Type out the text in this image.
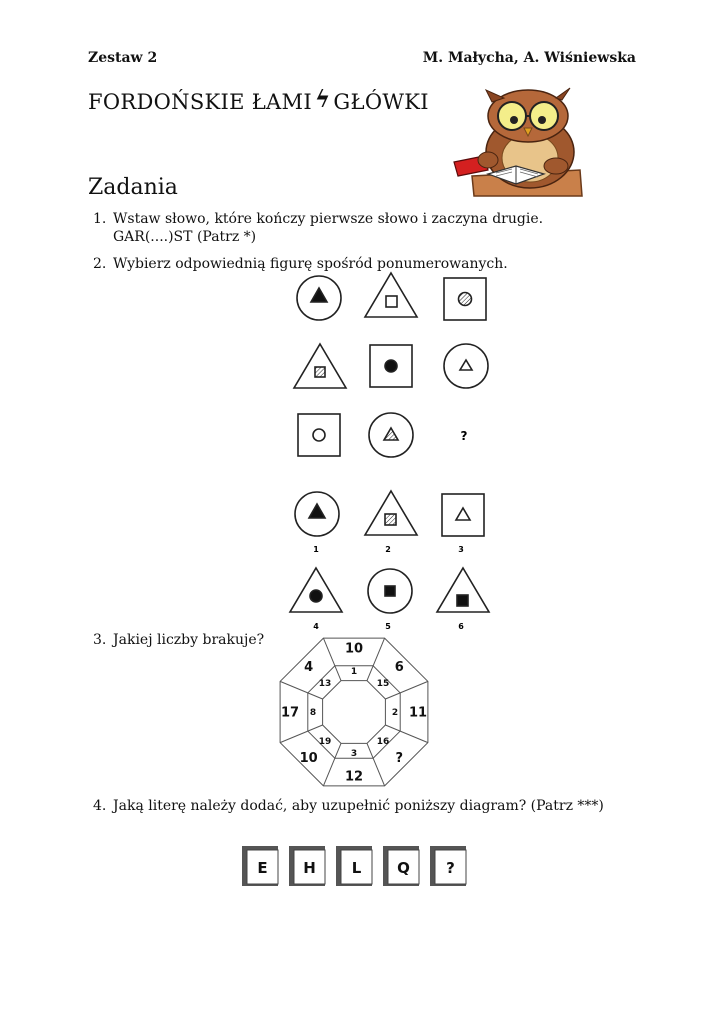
Zestaw 2	M. Małycha, A. Wiśniewska
FORDOŃSKIE ŁAMI ϟ GŁÓWKI
Zadania
1. Wstaw słowo, które kończy pierwsze słowo i zaczyna drugie.
GAR(....)ST (Patrz *)
2. Wybierz odpowiednią figurę spośród ponumerowanych.
?
1	2	3
4	5	6
3. Jakiej liczby brakuje?
10
6
11
?
12
10
17
4	1
15
2
16
3
19
8
13
4. Jaką literę należy dodać, aby uzupełnić poniższy diagram? (Patrz ***)
E H L Q ?
